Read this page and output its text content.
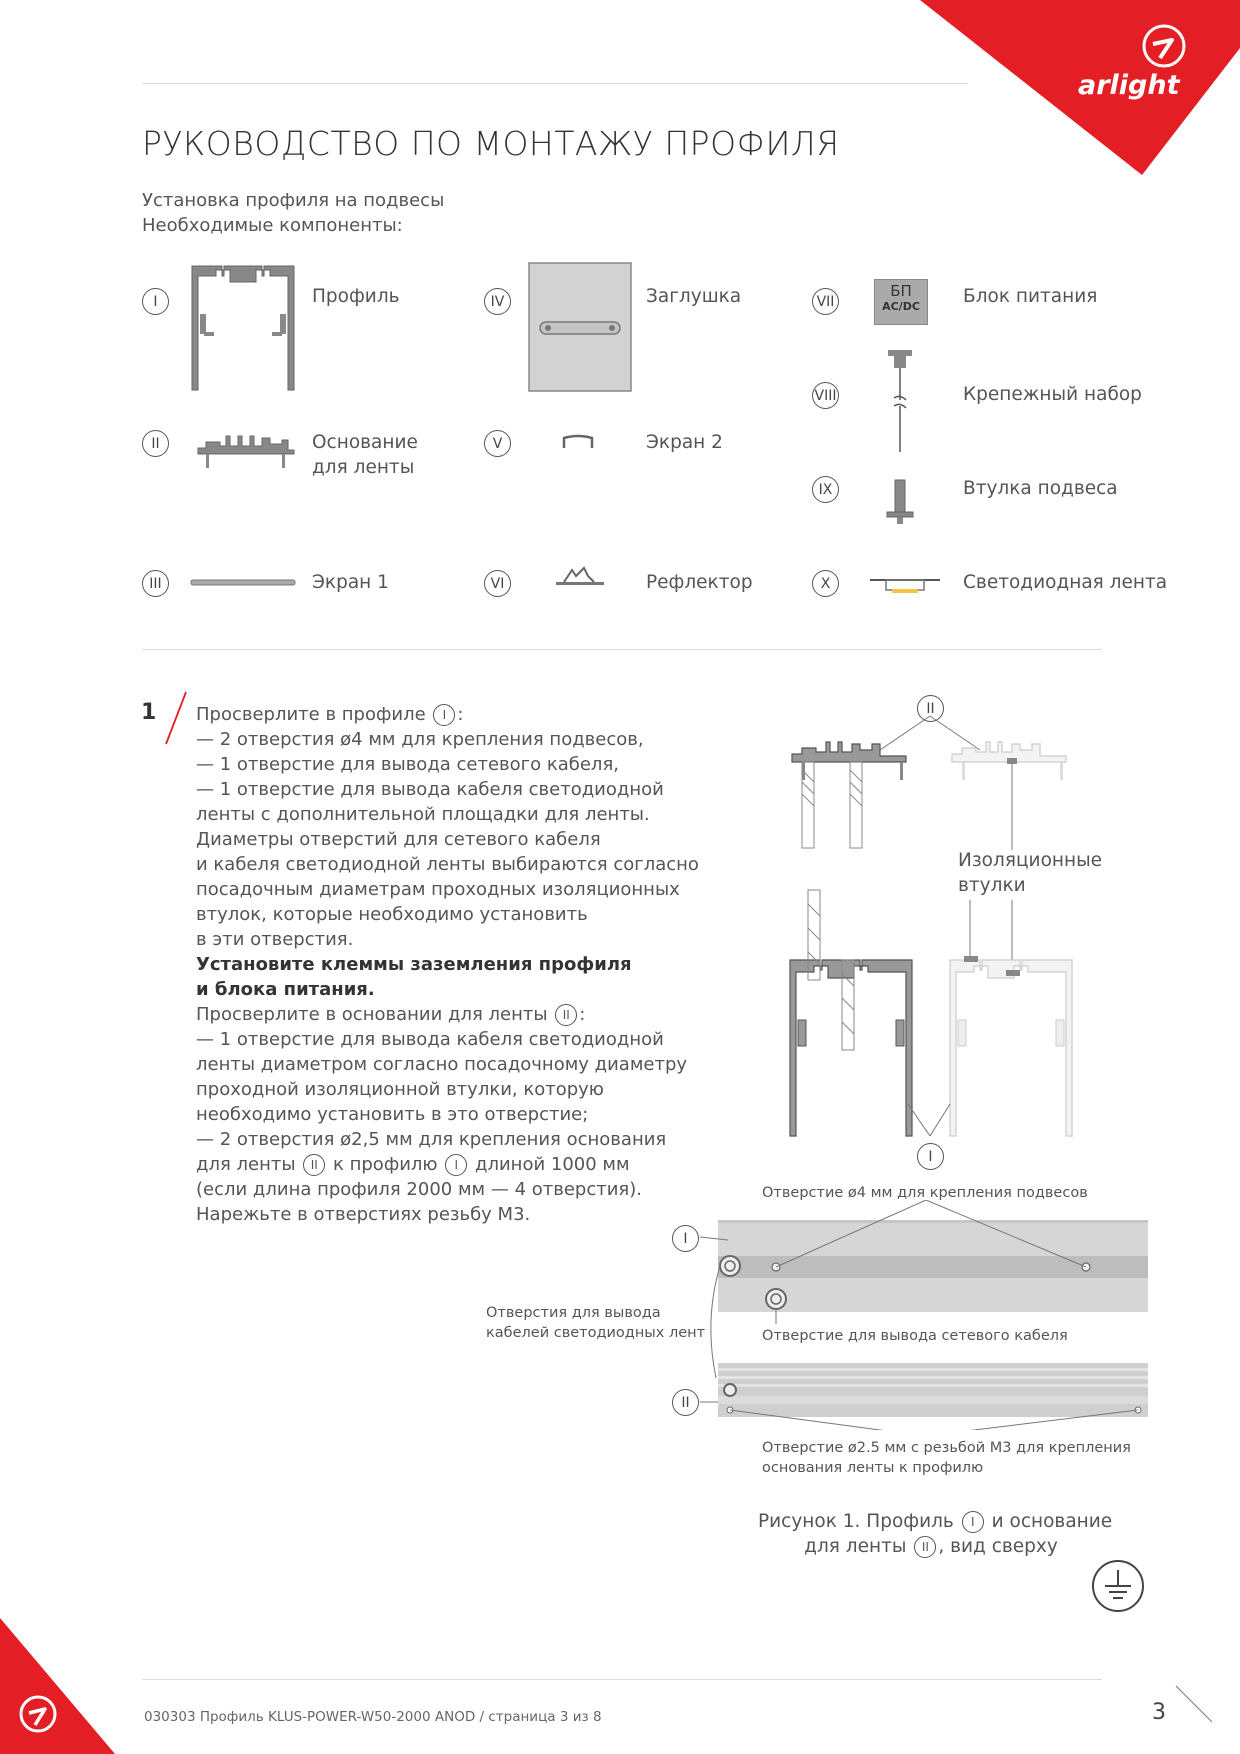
arlight
РУКОВОДСТВО ПО МОНТАЖУ ПРОФИЛЯ
Установка профиля на подвесы
Необходимые компоненты:
I	Профиль
II	Основание
для ленты
III	Экран 1
IV	Заглушка
V	Экран 2
VI	Рефлектор
VII
БП
AC/DC	Блок питания
VIII	Крепежный набор
IX	Втулка подвеса
X	Светодиодная лента
1 Просверлите в профиле I :
— 2 отверстия ø4 мм для крепления подвесов,
— 1 отверстие для вывода сетевого кабеля,
— 1 отверстие для вывода кабеля светодиодной
ленты с дополнительной площадки для ленты.
Диаметры отверстий для сетевого кабеля
и кабеля светодиодной ленты выбираются согласно
посадочным диаметрам проходных изоляционных
втулок, которые необходимо установить
в эти отверстия.
Установите клеммы заземления профиля
и блока питания.
Просверлите в основании для ленты II :
— 1 отверстие для вывода кабеля светодиодной
ленты диаметром согласно посадочному диаметру
проходной изоляционной втулки, которую
необходимо установить в это отверстие;
— 2 отверстия ø2,5 мм для крепления основания
для ленты II к профилю I длиной 1000 мм
(если длина профиля 2000 мм — 4 отверстия).
Нарежьте в отверстиях резьбу М3.
II
I
Изоляционные
втулки
Отверстие ø4 мм для крепления подвесов
I
II
Отверстия для вывода
кабелей светодиодных лент	Отверстие для вывода сетевого кабеля
Отверстие ø2.5 мм с резьбой М3 для крепления
основания ленты к профилю
Рисунок 1. Профиль I и основание
для ленты II , вид сверху
030303 Профиль KLUS-POWER-W50-2000 ANOD / страница 3 из 8	3
